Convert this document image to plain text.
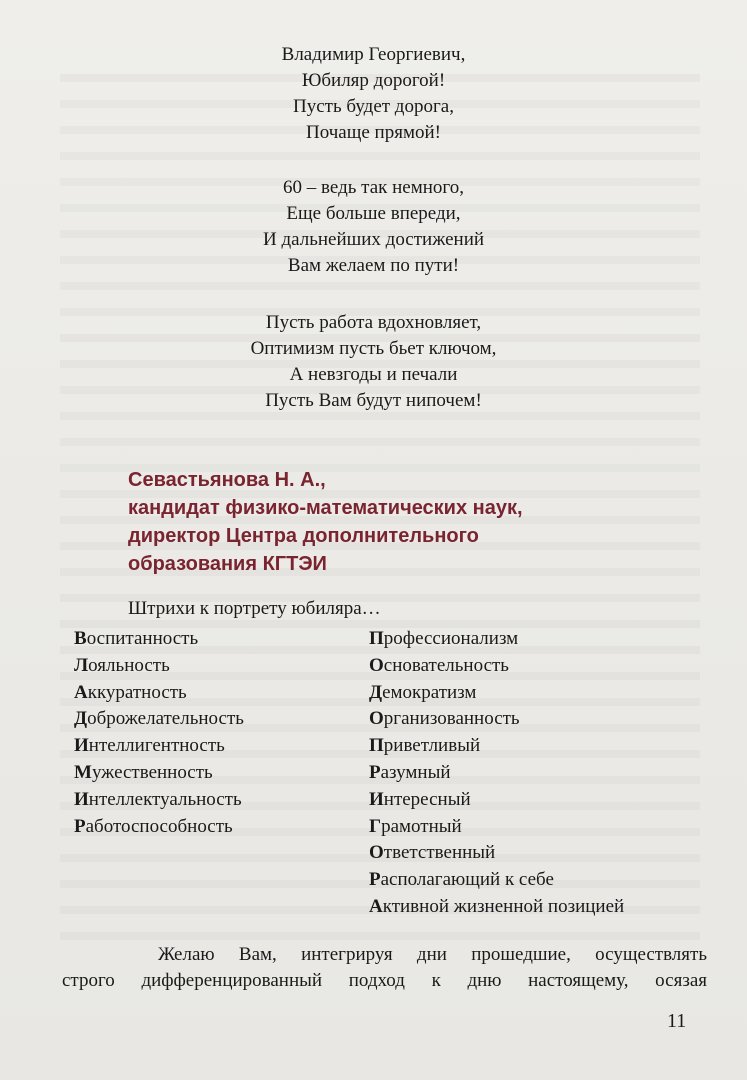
Владимир Георгиевич,
Юбиляр дорогой!
Пусть будет дорога,
Почаще прямой!
60 – ведь так немного,
Еще больше впереди,
И дальнейших достижений
Вам желаем по пути!
Пусть работа вдохновляет,
Оптимизм пусть бьет ключом,
А невзгоды и печали
Пусть Вам будут нипочем!
Севастьянова Н. А.,
кандидат физико-математических наук,
директор Центра дополнительного
образования КГТЭИ
Штрихи к портрету юбиляра…
Воспитанность
Лояльность
Аккуратность
Доброжелательность
Интеллигентность
Мужественность
Интеллектуальность
Работоспособность
Профессионализм
Основательность
Демократизм
Организованность
Приветливый
Разумный
Интересный
Грамотный
Ответственный
Располагающий к себе
Активной жизненной позицией
Желаю Вам, интегрируя дни прошедшие, осуществлять
строго дифференцированный подход к дню настоящему, осязая
11
